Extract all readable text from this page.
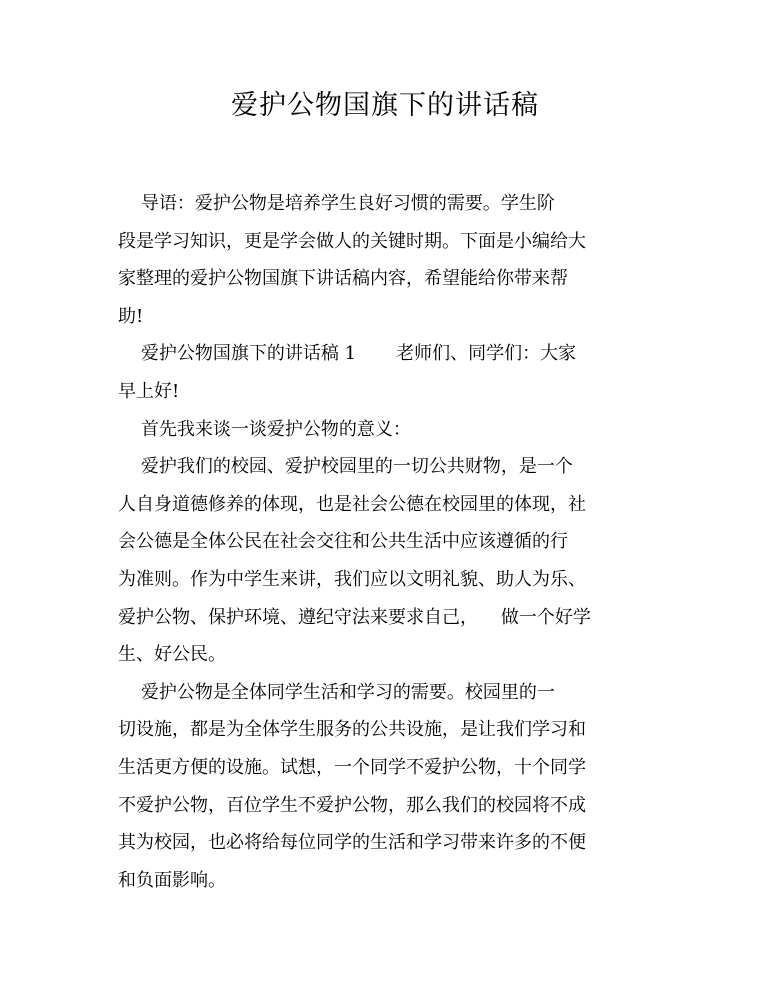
爱护公物国旗下的讲话稿
导语：爱护公物是培养学生良好习惯的需要。学生阶
段是学习知识，更是学会做人的关键时期。下面是小编给大
家整理的爱护公物国旗下讲话稿内容，希望能给你带来帮
助!
爱护公物国旗下的讲话稿 1       老师们、同学们：大家
早上好!
首先我来谈一谈爱护公物的意义：
爱护我们的校园、爱护校园里的一切公共财物，是一个
人自身道德修养的体现，也是社会公德在校园里的体现，社
会公德是全体公民在社会交往和公共生活中应该遵循的行
为准则。作为中学生来讲，我们应以文明礼貌、助人为乐、
爱护公物、保护环境、遵纪守法来要求自己，    做一个好学
生、好公民。
爱护公物是全体同学生活和学习的需要。校园里的一
切设施，都是为全体学生服务的公共设施，是让我们学习和
生活更方便的设施。试想，一个同学不爱护公物，十个同学
不爱护公物，百位学生不爱护公物，那么我们的校园将不成
其为校园，也必将给每位同学的生活和学习带来许多的不便
和负面影响。
